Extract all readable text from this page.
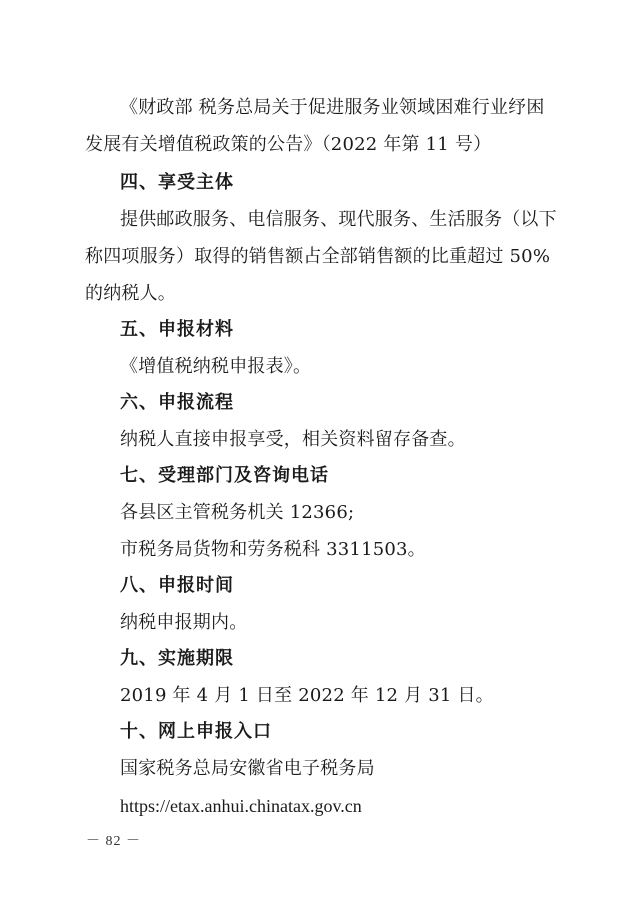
《财政部 税务总局关于促进服务业领域困难行业纾困
发展有关增值税政策的公告》（2022 年第 11 号）
四、享受主体
提供邮政服务、电信服务、现代服务、生活服务（以下
称四项服务）取得的销售额占全部销售额的比重超过 50%
的纳税人。
五、申报材料
《增值税纳税申报表》。
六、申报流程
纳税人直接申报享受，相关资料留存备查。
七、受理部门及咨询电话
各县区主管税务机关 12366;
市税务局货物和劳务税科 3311503。
八、申报时间
纳税申报期内。
九、实施期限
2019 年 4 月 1 日至 2022 年 12 月 31 日。
十、网上申报入口
国家税务总局安徽省电子税务局
https://etax.anhui.chinatax.gov.cn
－ 82 －
